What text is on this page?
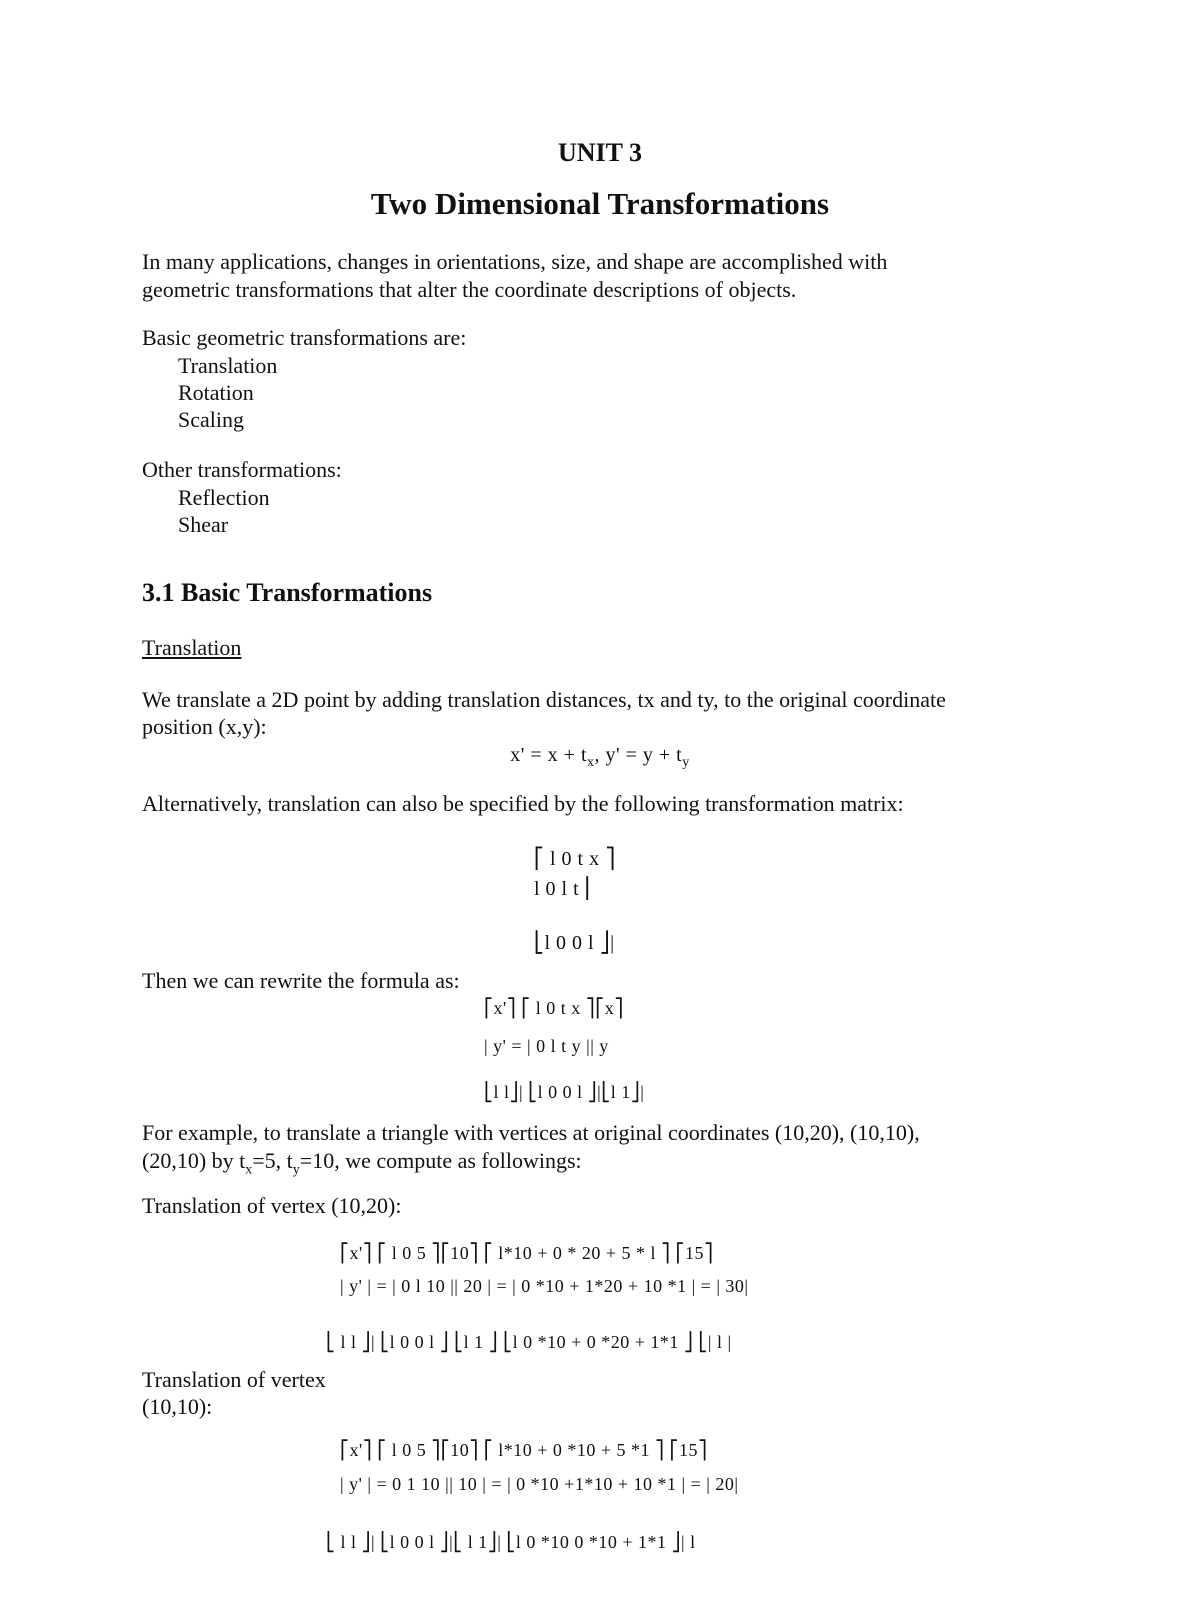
UNIT 3
Two Dimensional Transformations
In many applications, changes in orientations, size, and shape are accomplished with
geometric transformations that alter the coordinate descriptions of objects.
Basic geometric transformations are:
Translation
Rotation
Scaling
Other transformations:
Reflection
Shear
3.1 Basic Transformations
Translation
We translate a 2D point by adding translation distances, tx and ty, to the original coordinate
position (x,y):
$x' = x + t_x$, $y' = y + t_y$
Alternatively, translation can also be specified by the following transformation matrix:
⎡ l 0 t x ⎤
l 0 l t ⎢
⎣l 0 0 l ⎦|
Then we can rewrite the formula as:
⎡x'⎤ ⎡ l 0 t x ⎤⎡x⎤
| y' = | 0 l t y || y
⎣l l⎦| ⎣l 0 0 l ⎦|⎣l 1⎦|
For example, to translate a triangle with vertices at original coordinates (10,20), (10,10),
(20,10) by $t_x=5$, $t_y=10$, we compute as followings:
Translation of vertex (10,20):
⎡x'⎤ ⎡ l 0 5 ⎤⎡10⎤ ⎡ l*10 + 0 * 20 + 5 * l ⎤ ⎡15⎤
| y' | = | 0 l 10 || 20 | = | 0 *10 + 1*20 + 10 *1 | = | 30|
⎣ l l ⎦| ⎣l 0 0 l ⎦ ⎣l 1 ⎦ ⎣l 0 *10 + 0 *20 + 1*1 ⎦ ⎣| l |
Translation of vertex
(10,10):
⎡x'⎤ ⎡ l 0 5 ⎤⎡10⎤ ⎡ l*10 + 0 *10 + 5 *1 ⎤ ⎡15⎤
| y' | = 0 1 10 || 10 | = | 0 *10 +1*10 + 10 *1 | = | 20|
⎣ l l ⎦| ⎣l 0 0 l ⎦|⎣ l 1⎦| ⎣l 0 *10 0 *10 + 1*1 ⎦| l
